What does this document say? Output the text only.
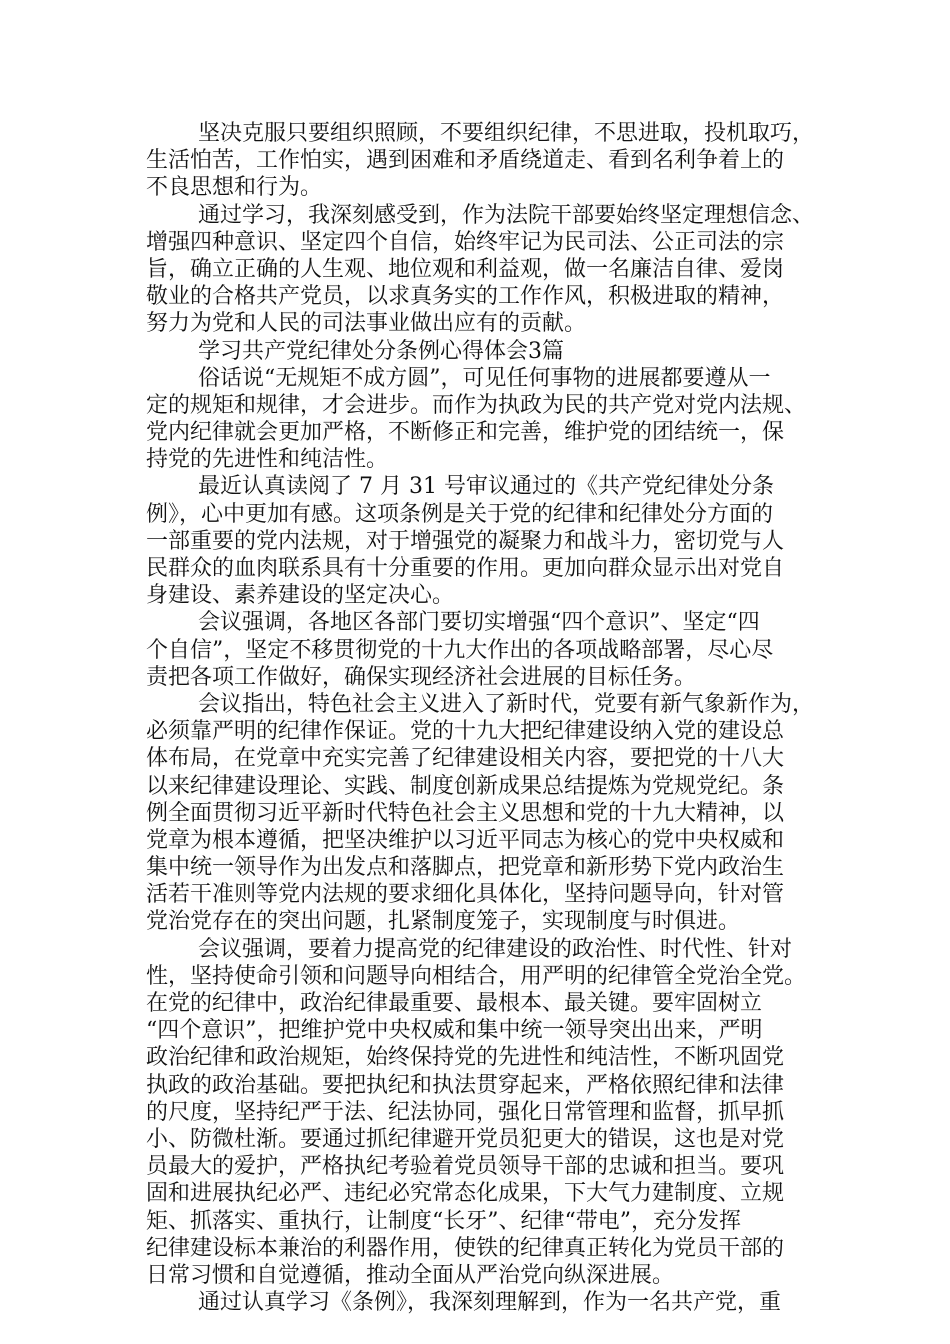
坚决克服只要组织照顾，不要组织纪律，不思进取，投机取巧，
生活怕苦，工作怕实，遇到困难和矛盾绕道走、看到名利争着上的
不良思想和行为。
通过学习，我深刻感受到，作为法院干部要始终坚定理想信念、
增强四种意识、坚定四个自信，始终牢记为民司法、公正司法的宗
旨，确立正确的人生观、地位观和利益观，做一名廉洁自律、爱岗
敬业的合格共产党员，以求真务实的工作作风，积极进取的精神，
努力为党和人民的司法事业做出应有的贡献。
学习共产党纪律处分条例心得体会3篇
俗话说“无规矩不成方圆”，可见任何事物的进展都要遵从一
定的规矩和规律，才会进步。而作为执政为民的共产党对党内法规、
党内纪律就会更加严格，不断修正和完善，维护党的团结统一，保
持党的先进性和纯洁性。
最近认真读阅了 7 月 31 号审议通过的《共产党纪律处分条
例》，心中更加有感。这项条例是关于党的纪律和纪律处分方面的
一部重要的党内法规，对于增强党的凝聚力和战斗力，密切党与人
民群众的血肉联系具有十分重要的作用。更加向群众显示出对党自
身建设、素养建设的坚定决心。
会议强调，各地区各部门要切实增强“四个意识”、坚定“四
个自信”，坚定不移贯彻党的十九大作出的各项战略部署，尽心尽
责把各项工作做好，确保实现经济社会进展的目标任务。
会议指出，特色社会主义进入了新时代，党要有新气象新作为，
必须靠严明的纪律作保证。党的十九大把纪律建设纳入党的建设总
体布局，在党章中充实完善了纪律建设相关内容，要把党的十八大
以来纪律建设理论、实践、制度创新成果总结提炼为党规党纪。条
例全面贯彻习近平新时代特色社会主义思想和党的十九大精神，以
党章为根本遵循，把坚决维护以习近平同志为核心的党中央权威和
集中统一领导作为出发点和落脚点，把党章和新形势下党内政治生
活若干准则等党内法规的要求细化具体化，坚持问题导向，针对管
党治党存在的突出问题，扎紧制度笼子，实现制度与时俱进。
会议强调，要着力提高党的纪律建设的政治性、时代性、针对
性，坚持使命引领和问题导向相结合，用严明的纪律管全党治全党。
在党的纪律中，政治纪律最重要、最根本、最关键。要牢固树立
“四个意识”，把维护党中央权威和集中统一领导突出出来，严明
政治纪律和政治规矩，始终保持党的先进性和纯洁性，不断巩固党
执政的政治基础。要把执纪和执法贯穿起来，严格依照纪律和法律
的尺度，坚持纪严于法、纪法协同，强化日常管理和监督，抓早抓
小、防微杜渐。要通过抓纪律避开党员犯更大的错误，这也是对党
员最大的爱护，严格执纪考验着党员领导干部的忠诚和担当。要巩
固和进展执纪必严、违纪必究常态化成果，下大气力建制度、立规
矩、抓落实、重执行，让制度“长牙”、纪律“带电”，充分发挥
纪律建设标本兼治的利器作用，使铁的纪律真正转化为党员干部的
日常习惯和自觉遵循，推动全面从严治党向纵深进展。
通过认真学习《条例》，我深刻理解到，作为一名共产党，重
